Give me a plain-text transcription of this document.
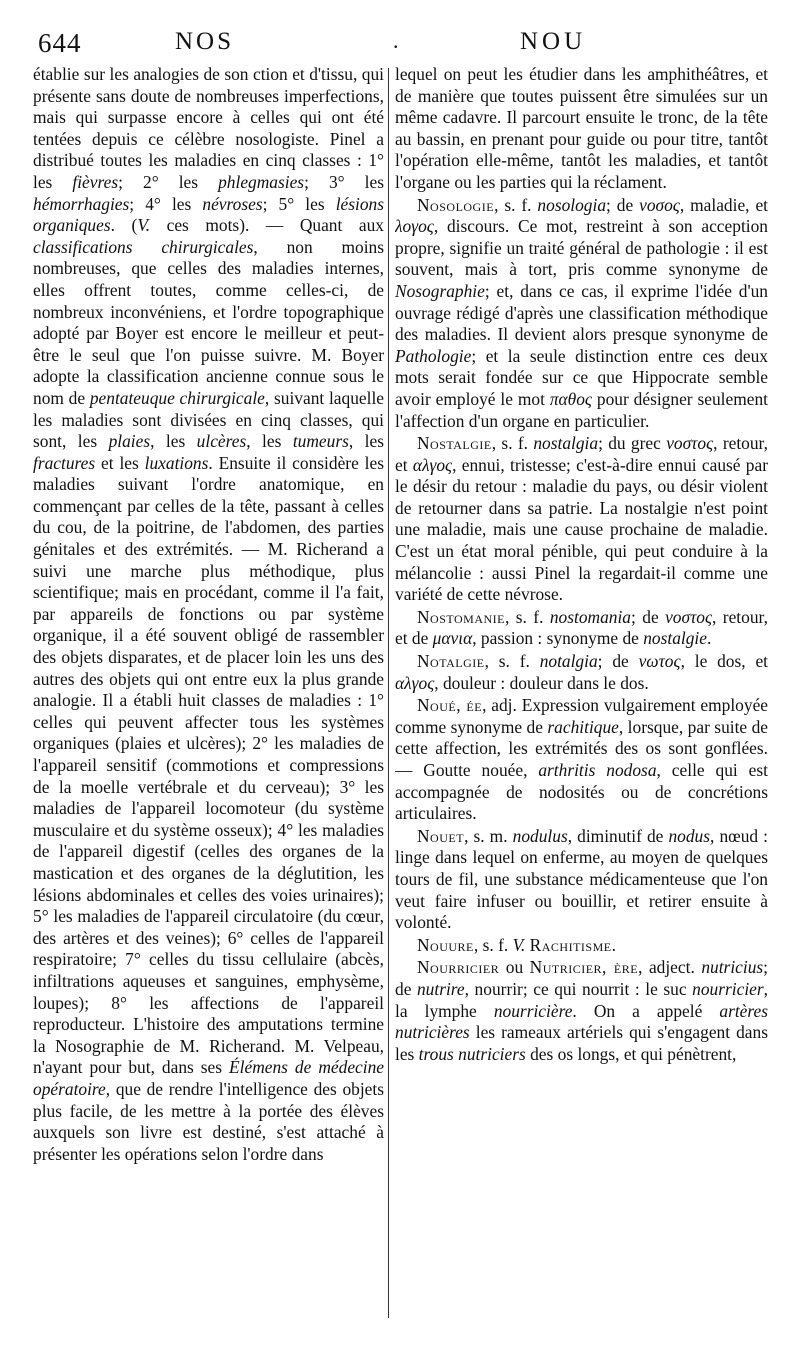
644	NOS	.	NOU

établie sur les analogies de son ction et d'tissu, qui présente sans doute de nombreuses imperfections, mais qui surpasse encore à celles qui ont été tentées depuis ce célèbre nosologiste. Pinel a distribué toutes les maladies en cinq classes : 1° les fièvres; 2° les phlegmasies; 3° les hémorrhagies; 4° les névroses; 5° les lésions organiques. (V. ces mots). — Quant aux classifications chirurgicales, non moins nombreuses, que celles des maladies internes, elles offrent toutes, comme celles-ci, de nombreux inconvéniens, et l'ordre topographique adopté par Boyer est encore le meilleur et peut-être le seul que l'on puisse suivre. M. Boyer adopte la classification ancienne connue sous le nom de pentateuque chirurgicale, suivant laquelle les maladies sont divisées en cinq classes, qui sont, les plaies, les ulcères, les tumeurs, les fractures et les luxations. Ensuite il considère les maladies suivant l'ordre anatomique, en commençant par celles de la tête, passant à celles du cou, de la poitrine, de l'abdomen, des parties génitales et des extrémités. — M. Richerand a suivi une marche plus méthodique, plus scientifique; mais en procédant, comme il l'a fait, par appareils de fonctions ou par système organique, il a été souvent obligé de rassembler des objets disparates, et de placer loin les uns des autres des objets qui ont entre eux la plus grande analogie. Il a établi huit classes de maladies : 1° celles qui peuvent affecter tous les systèmes organiques (plaies et ulcères); 2° les maladies de l'appareil sensitif (commotions et compressions de la moelle vertébrale et du cerveau); 3° les maladies de l'appareil locomoteur (du système musculaire et du système osseux); 4° les maladies de l'appareil digestif (celles des organes de la mastication et des organes de la déglutition, les lésions abdominales et celles des voies urinaires); 5° les maladies de l'appareil circulatoire (du cœur, des artères et des veines); 6° celles de l'appareil respiratoire; 7° celles du tissu cellulaire (abcès, infiltrations aqueuses et sanguines, emphysème, loupes); 8° les affections de l'appareil reproducteur. L'histoire des amputations termine la Nosographie de M. Richerand. M. Velpeau, n'ayant pour but, dans ses Élémens de médecine opératoire, que de rendre l'intelligence des objets plus facile, de les mettre à la portée des élèves auxquels son livre est destiné, s'est attaché à présenter les opérations selon l'ordre dans

lequel on peut les étudier dans les amphithéâtres, et de manière que toutes puissent être simulées sur un même cadavre. Il parcourt ensuite le tronc, de la tête au bassin, en prenant pour guide ou pour titre, tantôt l'opération elle-même, tantôt les maladies, et tantôt l'organe ou les parties qui la réclament.

Nosologie, s. f. nosologia; de νοσος, maladie, et λογος, discours. Ce mot, restreint à son acception propre, signifie un traité général de pathologie : il est souvent, mais à tort, pris comme synonyme de Nosographie; et, dans ce cas, il exprime l'idée d'un ouvrage rédigé d'après une classification méthodique des maladies. Il devient alors presque synonyme de Pathologie; et la seule distinction entre ces deux mots serait fondée sur ce que Hippocrate semble avoir employé le mot παθος pour désigner seulement l'affection d'un organe en particulier.

Nostalgie, s. f. nostalgia; du grec νοστος, retour, et αλγος, ennui, tristesse; c'est-à-dire ennui causé par le désir du retour : maladie du pays, ou désir violent de retourner dans sa patrie. La nostalgie n'est point une maladie, mais une cause prochaine de maladie. C'est un état moral pénible, qui peut conduire à la mélancolie : aussi Pinel la regardait-il comme une variété de cette névrose.

Nostomanie, s. f. nostomania; de νοστος, retour, et de μανια, passion : synonyme de nostalgie.

Notalgie, s. f. notalgia; de νωτος, le dos, et αλγος, douleur : douleur dans le dos.

Noué, ée, adj. Expression vulgairement employée comme synonyme de rachitique, lorsque, par suite de cette affection, les extrémités des os sont gonflées. — Goutte nouée, arthritis nodosa, celle qui est accompagnée de nodosités ou de concrétions articulaires.

Nouet, s. m. nodulus, diminutif de nodus, nœud : linge dans lequel on enferme, au moyen de quelques tours de fil, une substance médicamenteuse que l'on veut faire infuser ou bouillir, et retirer ensuite à volonté.

Nouure, s. f. V. Rachitisme.

Nourricier ou Nutricier, ère, adject. nutricius; de nutrire, nourrir; ce qui nourrit : le suc nourricier, la lymphe nourricière. On a appelé artères nutricières les rameaux artériels qui s'engagent dans les trous nutriciers des os longs, et qui pénètrent,
